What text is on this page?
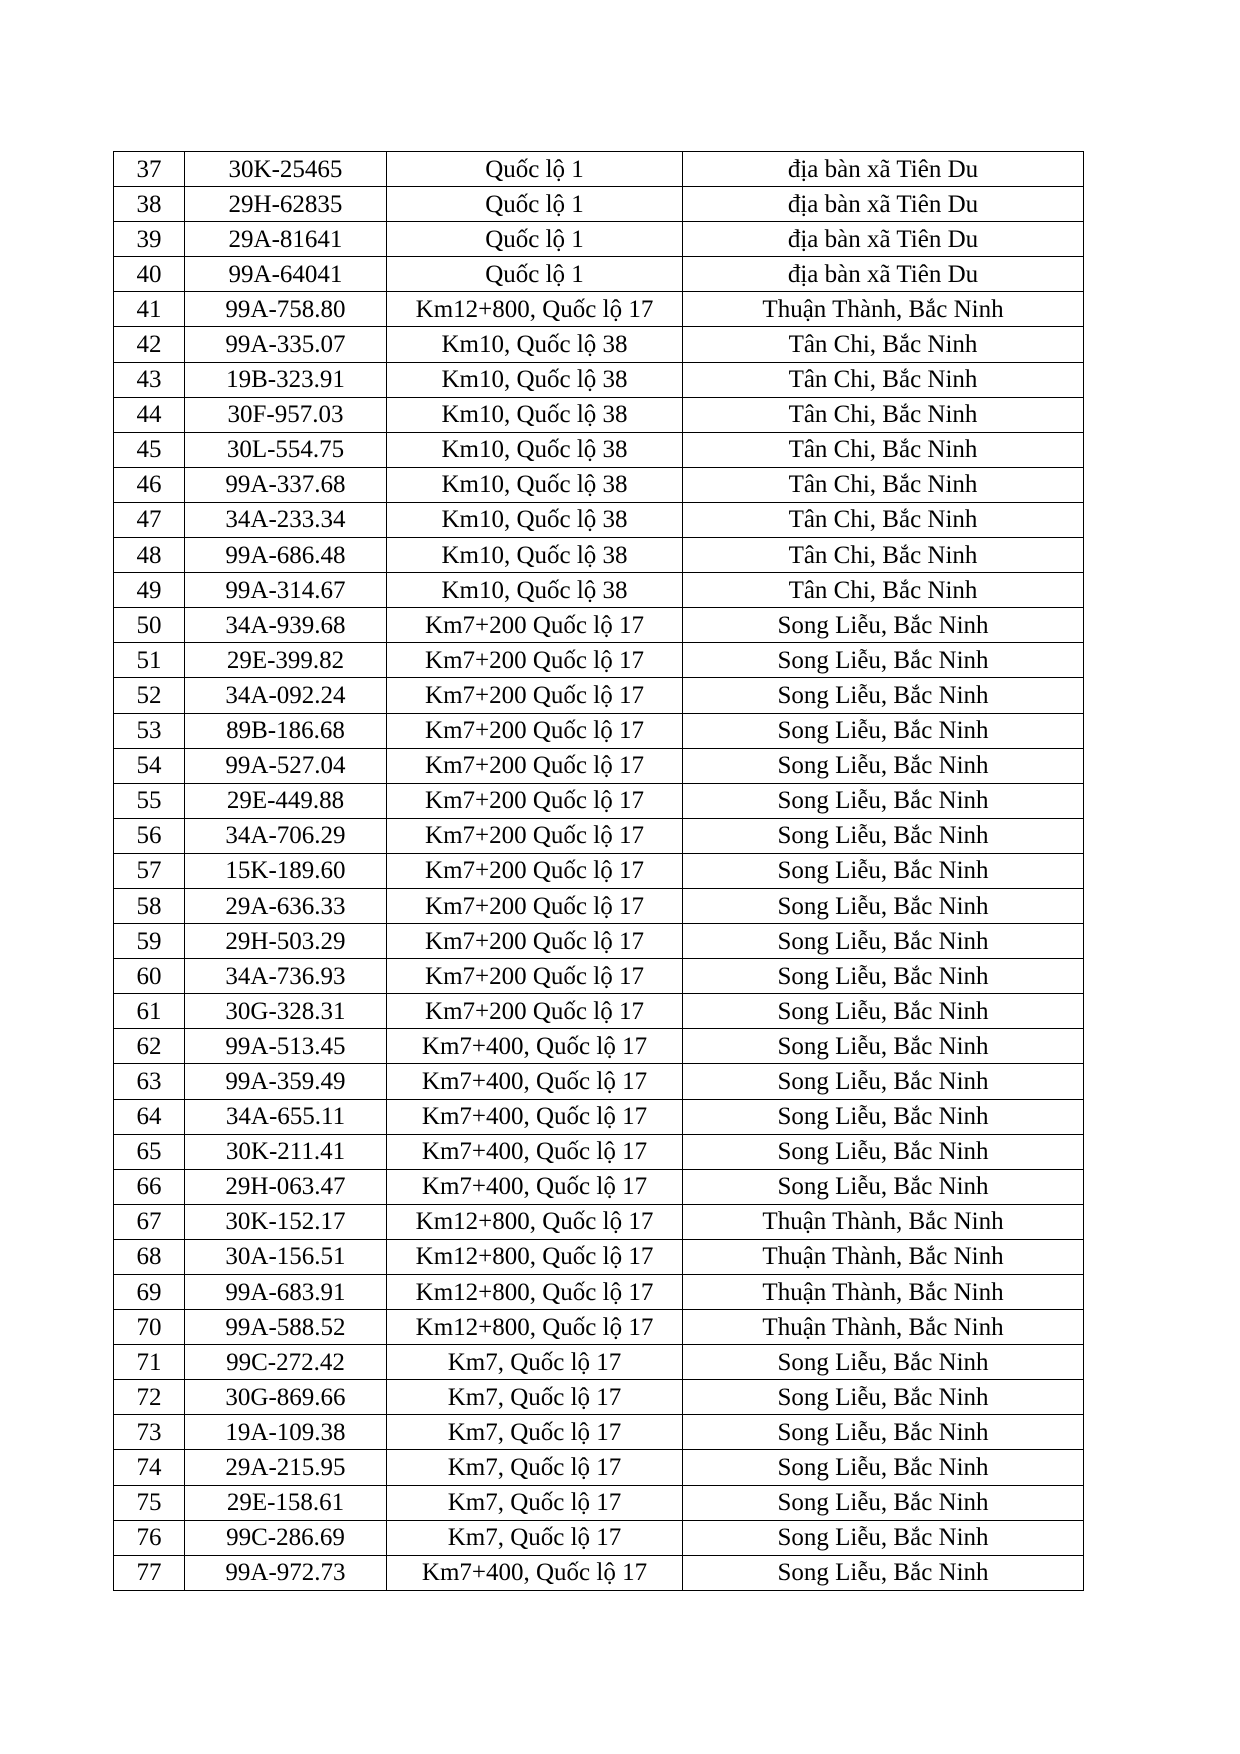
37	30K-25465	Quốc lộ 1	địa bàn xã Tiên Du
38	29H-62835	Quốc lộ 1	địa bàn xã Tiên Du
39	29A-81641	Quốc lộ 1	địa bàn xã Tiên Du
40	99A-64041	Quốc lộ 1	địa bàn xã Tiên Du
41	99A-758.80	Km12+800, Quốc lộ 17	Thuận Thành, Bắc Ninh
42	99A-335.07	Km10, Quốc lộ 38	Tân Chi, Bắc Ninh
43	19B-323.91	Km10, Quốc lộ 38	Tân Chi, Bắc Ninh
44	30F-957.03	Km10, Quốc lộ 38	Tân Chi, Bắc Ninh
45	30L-554.75	Km10, Quốc lộ 38	Tân Chi, Bắc Ninh
46	99A-337.68	Km10, Quốc lộ 38	Tân Chi, Bắc Ninh
47	34A-233.34	Km10, Quốc lộ 38	Tân Chi, Bắc Ninh
48	99A-686.48	Km10, Quốc lộ 38	Tân Chi, Bắc Ninh
49	99A-314.67	Km10, Quốc lộ 38	Tân Chi, Bắc Ninh
50	34A-939.68	Km7+200 Quốc lộ 17	Song Liễu, Bắc Ninh
51	29E-399.82	Km7+200 Quốc lộ 17	Song Liễu, Bắc Ninh
52	34A-092.24	Km7+200 Quốc lộ 17	Song Liễu, Bắc Ninh
53	89B-186.68	Km7+200 Quốc lộ 17	Song Liễu, Bắc Ninh
54	99A-527.04	Km7+200 Quốc lộ 17	Song Liễu, Bắc Ninh
55	29E-449.88	Km7+200 Quốc lộ 17	Song Liễu, Bắc Ninh
56	34A-706.29	Km7+200 Quốc lộ 17	Song Liễu, Bắc Ninh
57	15K-189.60	Km7+200 Quốc lộ 17	Song Liễu, Bắc Ninh
58	29A-636.33	Km7+200 Quốc lộ 17	Song Liễu, Bắc Ninh
59	29H-503.29	Km7+200 Quốc lộ 17	Song Liễu, Bắc Ninh
60	34A-736.93	Km7+200 Quốc lộ 17	Song Liễu, Bắc Ninh
61	30G-328.31	Km7+200 Quốc lộ 17	Song Liễu, Bắc Ninh
62	99A-513.45	Km7+400, Quốc lộ 17	Song Liễu, Bắc Ninh
63	99A-359.49	Km7+400, Quốc lộ 17	Song Liễu, Bắc Ninh
64	34A-655.11	Km7+400, Quốc lộ 17	Song Liễu, Bắc Ninh
65	30K-211.41	Km7+400, Quốc lộ 17	Song Liễu, Bắc Ninh
66	29H-063.47	Km7+400, Quốc lộ 17	Song Liễu, Bắc Ninh
67	30K-152.17	Km12+800, Quốc lộ 17	Thuận Thành, Bắc Ninh
68	30A-156.51	Km12+800, Quốc lộ 17	Thuận Thành, Bắc Ninh
69	99A-683.91	Km12+800, Quốc lộ 17	Thuận Thành, Bắc Ninh
70	99A-588.52	Km12+800, Quốc lộ 17	Thuận Thành, Bắc Ninh
71	99C-272.42	Km7, Quốc lộ 17	Song Liễu, Bắc Ninh
72	30G-869.66	Km7, Quốc lộ 17	Song Liễu, Bắc Ninh
73	19A-109.38	Km7, Quốc lộ 17	Song Liễu, Bắc Ninh
74	29A-215.95	Km7, Quốc lộ 17	Song Liễu, Bắc Ninh
75	29E-158.61	Km7, Quốc lộ 17	Song Liễu, Bắc Ninh
76	99C-286.69	Km7, Quốc lộ 17	Song Liễu, Bắc Ninh
77	99A-972.73	Km7+400, Quốc lộ 17	Song Liễu, Bắc Ninh
